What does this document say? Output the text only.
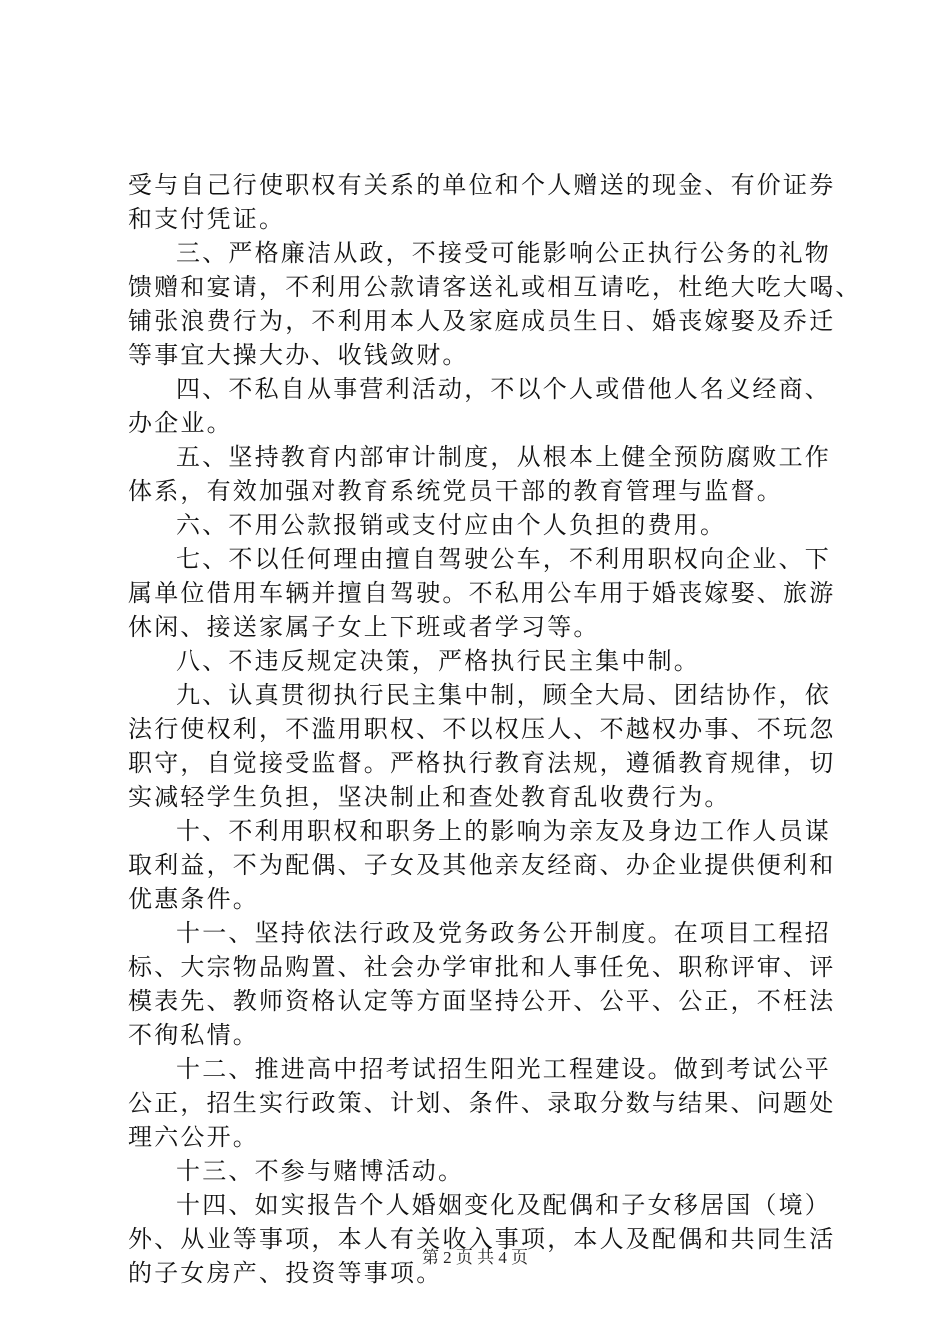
受与自己行使职权有关系的单位和个人赠送的现金、有价证券
和支付凭证。
三、严格廉洁从政，不接受可能影响公正执行公务的礼物
馈赠和宴请，不利用公款请客送礼或相互请吃，杜绝大吃大喝、
铺张浪费行为，不利用本人及家庭成员生日、婚丧嫁娶及乔迁
等事宜大操大办、收钱敛财。
四、不私自从事营利活动，不以个人或借他人名义经商、
办企业。
五、坚持教育内部审计制度，从根本上健全预防腐败工作
体系，有效加强对教育系统党员干部的教育管理与监督。
六、不用公款报销或支付应由个人负担的费用。
七、不以任何理由擅自驾驶公车，不利用职权向企业、下
属单位借用车辆并擅自驾驶。不私用公车用于婚丧嫁娶、旅游
休闲、接送家属子女上下班或者学习等。
八、不违反规定决策，严格执行民主集中制。
九、认真贯彻执行民主集中制，顾全大局、团结协作，依
法行使权利，不滥用职权、不以权压人、不越权办事、不玩忽
职守，自觉接受监督。严格执行教育法规，遵循教育规律，切
实减轻学生负担，坚决制止和查处教育乱收费行为。
十、不利用职权和职务上的影响为亲友及身边工作人员谋
取利益，不为配偶、子女及其他亲友经商、办企业提供便利和
优惠条件。
十一、坚持依法行政及党务政务公开制度。在项目工程招
标、大宗物品购置、社会办学审批和人事任免、职称评审、评
模表先、教师资格认定等方面坚持公开、公平、公正，不枉法
不徇私情。
十二、推进高中招考试招生阳光工程建设。做到考试公平
公正，招生实行政策、计划、条件、录取分数与结果、问题处
理六公开。
十三、不参与赌博活动。
十四、如实报告个人婚姻变化及配偶和子女移居国（境）
外、从业等事项，本人有关收入事项，本人及配偶和共同生活
的子女房产、投资等事项。
第 2 页 共 4 页
